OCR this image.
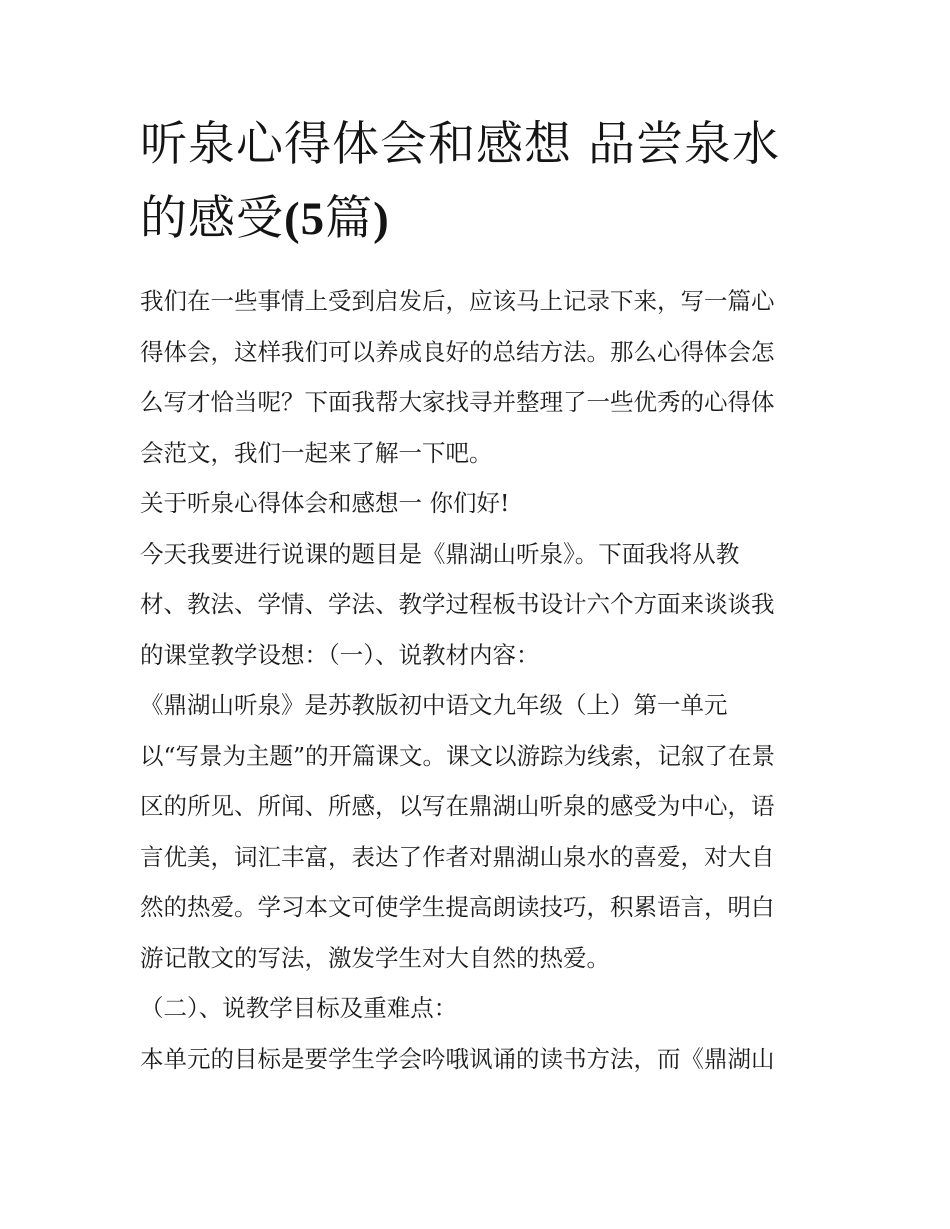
听泉心得体会和感想 品尝泉水
的感受(5篇)
我们在一些事情上受到启发后，应该马上记录下来，写一篇心
得体会，这样我们可以养成良好的总结方法。那么心得体会怎
么写才恰当呢？下面我帮大家找寻并整理了一些优秀的心得体
会范文，我们一起来了解一下吧。
关于听泉心得体会和感想一 你们好!
今天我要进行说课的题目是《鼎湖山听泉》。下面我将从教
材、教法、学情、学法、教学过程板书设计六个方面来谈谈我
的课堂教学设想：（一）、说教材内容：
《鼎湖山听泉》是苏教版初中语文九年级（上）第一单元
以“写景为主题”的开篇课文。课文以游踪为线索，记叙了在景
区的所见、所闻、所感，以写在鼎湖山听泉的感受为中心，语
言优美，词汇丰富，表达了作者对鼎湖山泉水的喜爱，对大自
然的热爱。学习本文可使学生提高朗读技巧，积累语言，明白
游记散文的写法，激发学生对大自然的热爱。
（二）、说教学目标及重难点：
本单元的目标是要学生学会吟哦讽诵的读书方法，而《鼎湖山
